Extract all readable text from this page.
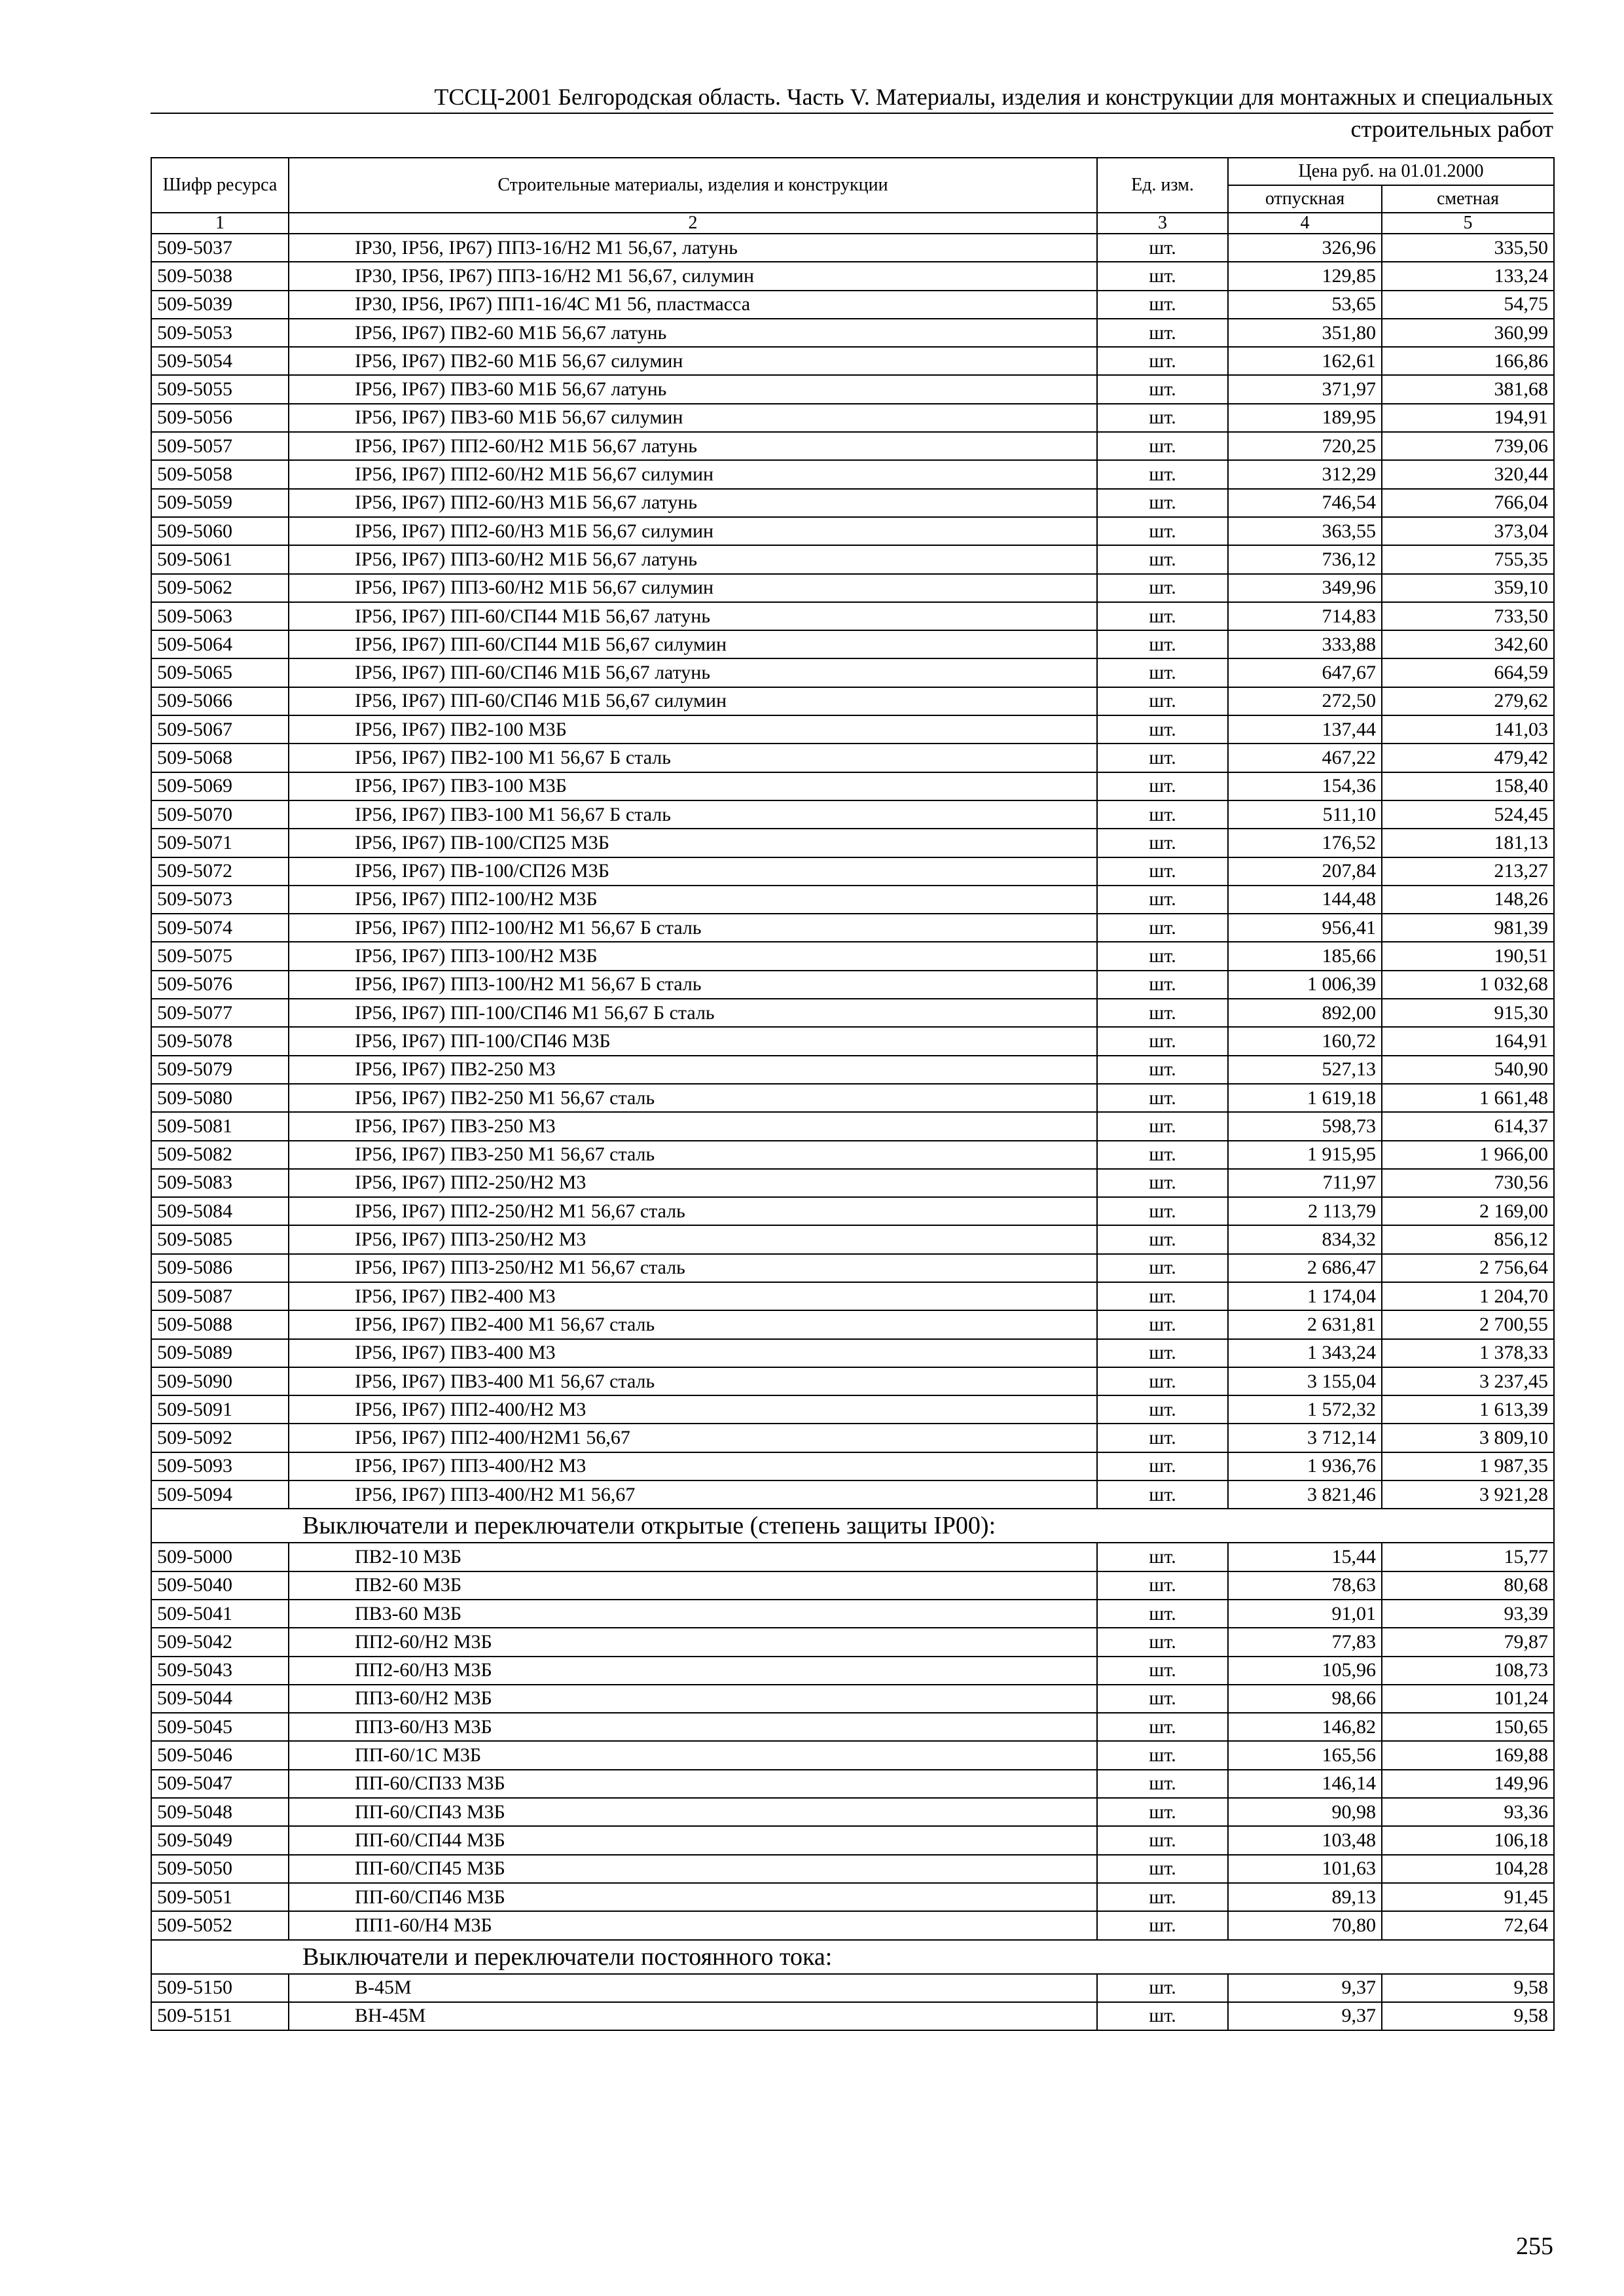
ТССЦ-2001 Белгородская область. Часть V. Материалы, изделия и конструкции для монтажных и специальных
строительных работ
Шифр ресурса	Строительные материалы, изделия и конструкции	Ед. изм.	Цена руб. на 01.01.2000	
			отпускная	сметная
1	2	3	4	5
509-5037	IP30, IP56, IP67) ПП3-16/Н2 М1 56,67, латунь	шт.	326,96	335,50
509-5038	IP30, IP56, IP67) ПП3-16/Н2 М1 56,67, силумин	шт.	129,85	133,24
509-5039	IP30, IP56, IP67) ПП1-16/4С М1 56, пластмасса	шт.	53,65	54,75
509-5053	IP56, IP67) ПВ2-60 М1Б 56,67 латунь	шт.	351,80	360,99
509-5054	IP56, IP67) ПВ2-60 М1Б 56,67 силумин	шт.	162,61	166,86
509-5055	IP56, IP67) ПВ3-60 М1Б 56,67 латунь	шт.	371,97	381,68
509-5056	IP56, IP67) ПВ3-60 М1Б 56,67 силумин	шт.	189,95	194,91
509-5057	IP56, IP67) ПП2-60/Н2 М1Б 56,67 латунь	шт.	720,25	739,06
509-5058	IP56, IP67) ПП2-60/Н2 М1Б 56,67 силумин	шт.	312,29	320,44
509-5059	IP56, IP67) ПП2-60/Н3 М1Б 56,67 латунь	шт.	746,54	766,04
509-5060	IP56, IP67) ПП2-60/Н3 М1Б 56,67 силумин	шт.	363,55	373,04
509-5061	IP56, IP67) ПП3-60/Н2 М1Б 56,67 латунь	шт.	736,12	755,35
509-5062	IP56, IP67) ПП3-60/Н2 М1Б 56,67 силумин	шт.	349,96	359,10
509-5063	IP56, IP67) ПП-60/СП44 М1Б 56,67 латунь	шт.	714,83	733,50
509-5064	IP56, IP67) ПП-60/СП44 М1Б 56,67 силумин	шт.	333,88	342,60
509-5065	IP56, IP67) ПП-60/СП46 М1Б 56,67 латунь	шт.	647,67	664,59
509-5066	IP56, IP67) ПП-60/СП46 М1Б 56,67 силумин	шт.	272,50	279,62
509-5067	IP56, IP67) ПВ2-100 М3Б	шт.	137,44	141,03
509-5068	IP56, IP67) ПВ2-100 М1 56,67 Б сталь	шт.	467,22	479,42
509-5069	IP56, IP67) ПВ3-100 М3Б	шт.	154,36	158,40
509-5070	IP56, IP67) ПВ3-100 М1 56,67 Б сталь	шт.	511,10	524,45
509-5071	IP56, IP67) ПВ-100/СП25 М3Б	шт.	176,52	181,13
509-5072	IP56, IP67) ПВ-100/СП26 М3Б	шт.	207,84	213,27
509-5073	IP56, IP67) ПП2-100/Н2 М3Б	шт.	144,48	148,26
509-5074	IP56, IP67) ПП2-100/Н2 М1 56,67 Б сталь	шт.	956,41	981,39
509-5075	IP56, IP67) ПП3-100/Н2 М3Б	шт.	185,66	190,51
509-5076	IP56, IP67) ПП3-100/Н2 М1 56,67 Б сталь	шт.	1 006,39	1 032,68
509-5077	IP56, IP67) ПП-100/СП46 М1 56,67 Б сталь	шт.	892,00	915,30
509-5078	IP56, IP67) ПП-100/СП46 М3Б	шт.	160,72	164,91
509-5079	IP56, IP67) ПВ2-250 М3	шт.	527,13	540,90
509-5080	IP56, IP67) ПВ2-250 М1 56,67 сталь	шт.	1 619,18	1 661,48
509-5081	IP56, IP67) ПВ3-250 М3	шт.	598,73	614,37
509-5082	IP56, IP67) ПВ3-250 М1 56,67 сталь	шт.	1 915,95	1 966,00
509-5083	IP56, IP67) ПП2-250/Н2 М3	шт.	711,97	730,56
509-5084	IP56, IP67) ПП2-250/Н2 М1 56,67 сталь	шт.	2 113,79	2 169,00
509-5085	IP56, IP67) ПП3-250/Н2 М3	шт.	834,32	856,12
509-5086	IP56, IP67) ПП3-250/Н2 М1 56,67 сталь	шт.	2 686,47	2 756,64
509-5087	IP56, IP67) ПВ2-400 М3	шт.	1 174,04	1 204,70
509-5088	IP56, IP67) ПВ2-400 М1 56,67 сталь	шт.	2 631,81	2 700,55
509-5089	IP56, IP67) ПВ3-400 М3	шт.	1 343,24	1 378,33
509-5090	IP56, IP67) ПВ3-400 М1 56,67 сталь	шт.	3 155,04	3 237,45
509-5091	IP56, IP67) ПП2-400/Н2 М3	шт.	1 572,32	1 613,39
509-5092	IP56, IP67) ПП2-400/Н2М1 56,67	шт.	3 712,14	3 809,10
509-5093	IP56, IP67) ПП3-400/Н2 М3	шт.	1 936,76	1 987,35
509-5094	IP56, IP67) ПП3-400/Н2 М1 56,67	шт.	3 821,46	3 921,28
Выключатели и переключатели открытые (степень защиты IP00):				
509-5000	ПВ2-10 М3Б	шт.	15,44	15,77
509-5040	ПВ2-60 М3Б	шт.	78,63	80,68
509-5041	ПВ3-60 М3Б	шт.	91,01	93,39
509-5042	ПП2-60/Н2 М3Б	шт.	77,83	79,87
509-5043	ПП2-60/Н3 М3Б	шт.	105,96	108,73
509-5044	ПП3-60/Н2 М3Б	шт.	98,66	101,24
509-5045	ПП3-60/Н3 М3Б	шт.	146,82	150,65
509-5046	ПП-60/1С М3Б	шт.	165,56	169,88
509-5047	ПП-60/СП33 М3Б	шт.	146,14	149,96
509-5048	ПП-60/СП43 М3Б	шт.	90,98	93,36
509-5049	ПП-60/СП44 М3Б	шт.	103,48	106,18
509-5050	ПП-60/СП45 М3Б	шт.	101,63	104,28
509-5051	ПП-60/СП46 М3Б	шт.	89,13	91,45
509-5052	ПП1-60/Н4 М3Б	шт.	70,80	72,64
Выключатели и переключатели постоянного тока:				
509-5150	В-45М	шт.	9,37	9,58
509-5151	ВН-45М	шт.	9,37	9,58
255
